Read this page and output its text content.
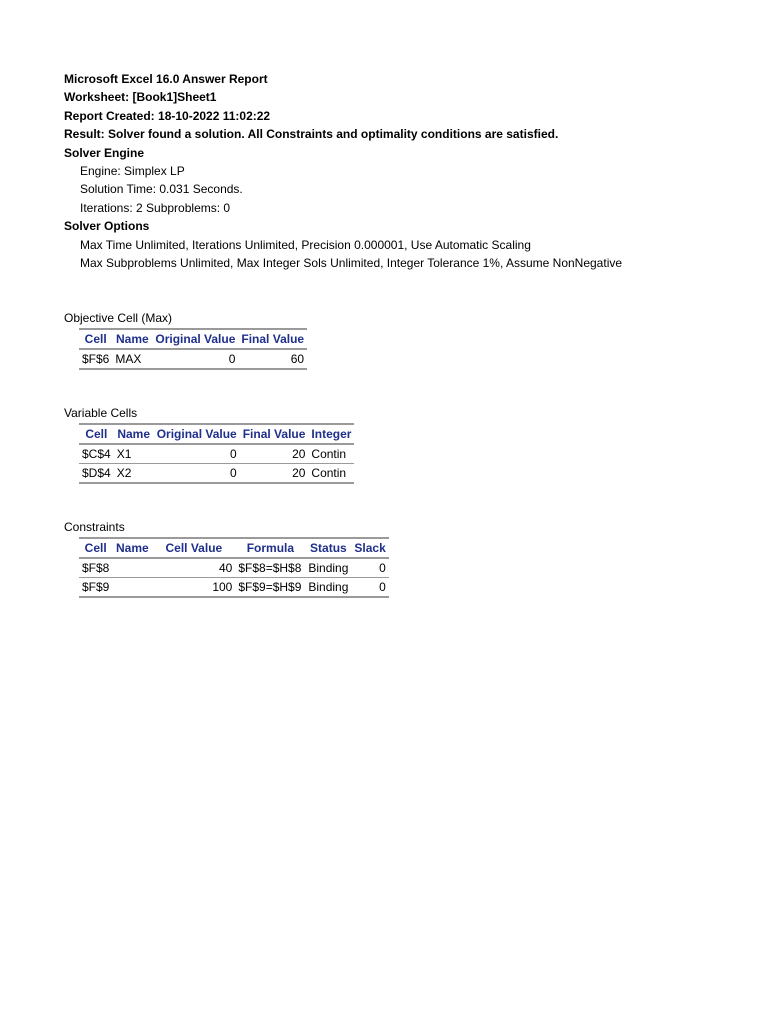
Microsoft Excel 16.0 Answer Report
Worksheet: [Book1]Sheet1
Report Created: 18-10-2022 11:02:22
Result: Solver found a solution. All Constraints and optimality conditions are satisfied.
Solver Engine
Engine: Simplex LP
Solution Time: 0.031 Seconds.
Iterations: 2 Subproblems: 0
Solver Options
Max Time Unlimited, Iterations Unlimited, Precision 0.000001, Use Automatic Scaling
Max Subproblems Unlimited, Max Integer Sols Unlimited, Integer Tolerance 1%, Assume NonNegative
Objective Cell (Max)
Cell	Name	Original Value	Final Value
$F$6	MAX	0	60
Variable Cells
Cell	Name	Original Value	Final Value	Integer
$C$4	X1	0	20	Contin
$D$4	X2	0	20	Contin
Constraints
Cell	Name	Cell Value	Formula	Status	Slack
$F$8		40	$F$8=$H$8	Binding	0
$F$9		100	$F$9=$H$9	Binding	0
